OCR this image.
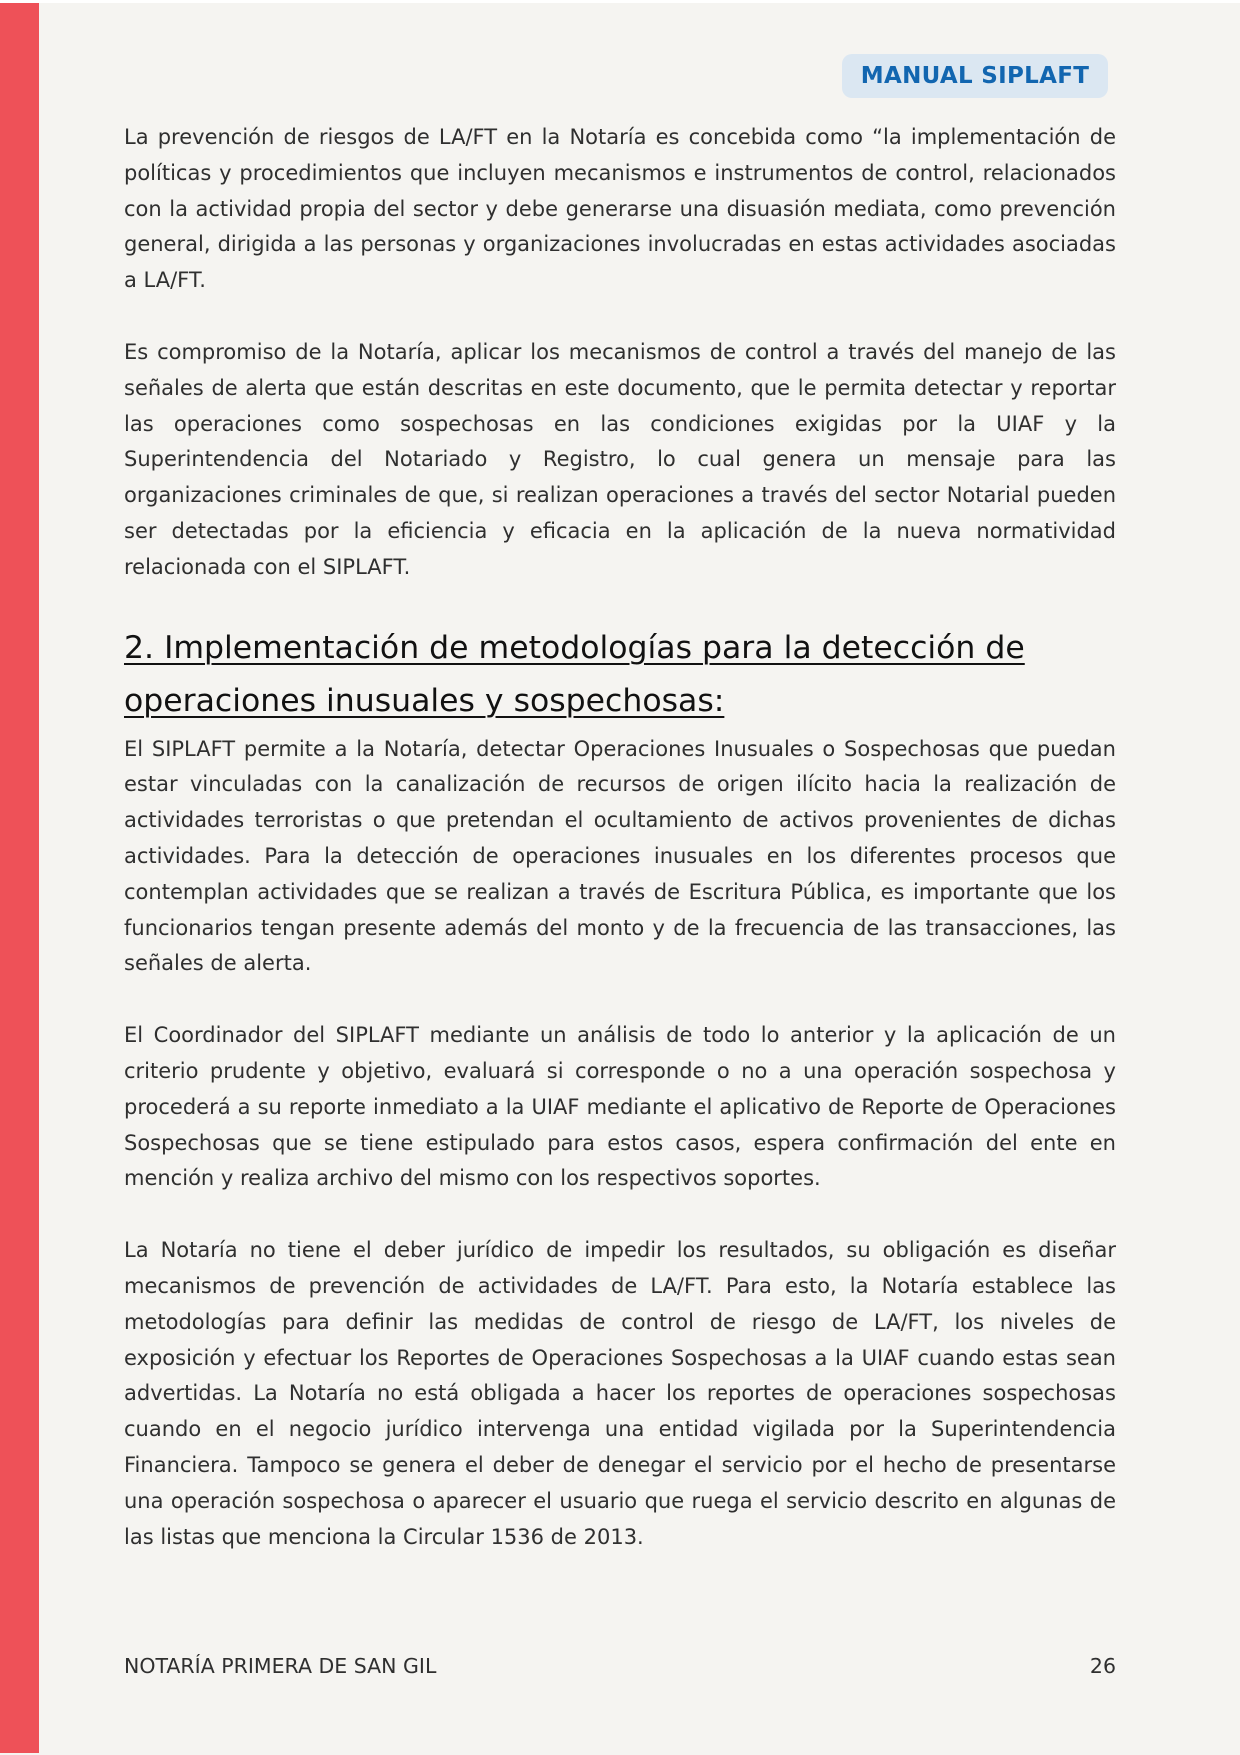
MANUAL SIPLAFT

La prevención de riesgos de LA/FT en la Notaría es concebida como “la implementación de políticas y procedimientos que incluyen mecanismos e instrumentos de control, relacionados con la actividad propia del sector y debe generarse una disuasión mediata, como prevención general, dirigida a las personas y organizaciones involucradas en estas actividades asociadas a LA/FT.

Es compromiso de la Notaría, aplicar los mecanismos de control a través del manejo de las señales de alerta que están descritas en este documento, que le permita detectar y reportar las operaciones como sospechosas en las condiciones exigidas por la UIAF y la Superintendencia del Notariado y Registro, lo cual genera un mensaje para las organizaciones criminales de que, si realizan operaciones a través del sector Notarial pueden ser detectadas por la eficiencia y eficacia en la aplicación de la nueva normatividad relacionada con el SIPLAFT.

2. Implementación de metodologías para la detección de operaciones inusuales y sospechosas:

El SIPLAFT permite a la Notaría, detectar Operaciones Inusuales o Sospechosas que puedan estar vinculadas con la canalización de recursos de origen ilícito hacia la realización de actividades terroristas o que pretendan el ocultamiento de activos provenientes de dichas actividades. Para la detección de operaciones inusuales en los diferentes procesos que contemplan actividades que se realizan a través de Escritura Pública, es importante que los funcionarios tengan presente además del monto y de la frecuencia de las transacciones, las señales de alerta.

El Coordinador del SIPLAFT mediante un análisis de todo lo anterior y la aplicación de un criterio prudente y objetivo, evaluará si corresponde o no a una operación sospechosa y procederá a su reporte inmediato a la UIAF mediante el aplicativo de Reporte de Operaciones Sospechosas que se tiene estipulado para estos casos, espera confirmación del ente en mención y realiza archivo del mismo con los respectivos soportes.

La Notaría no tiene el deber jurídico de impedir los resultados, su obligación es diseñar mecanismos de prevención de actividades de LA/FT. Para esto, la Notaría establece las metodologías para definir las medidas de control de riesgo de LA/FT, los niveles de exposición y efectuar los Reportes de Operaciones Sospechosas a la UIAF cuando estas sean advertidas. La Notaría no está obligada a hacer los reportes de operaciones sospechosas cuando en el negocio jurídico intervenga una entidad vigilada por la Superintendencia Financiera. Tampoco se genera el deber de denegar el servicio por el hecho de presentarse una operación sospechosa o aparecer el usuario que ruega el servicio descrito en algunas de las listas que menciona la Circular 1536 de 2013.

NOTARÍA PRIMERA DE SAN GIL	26
